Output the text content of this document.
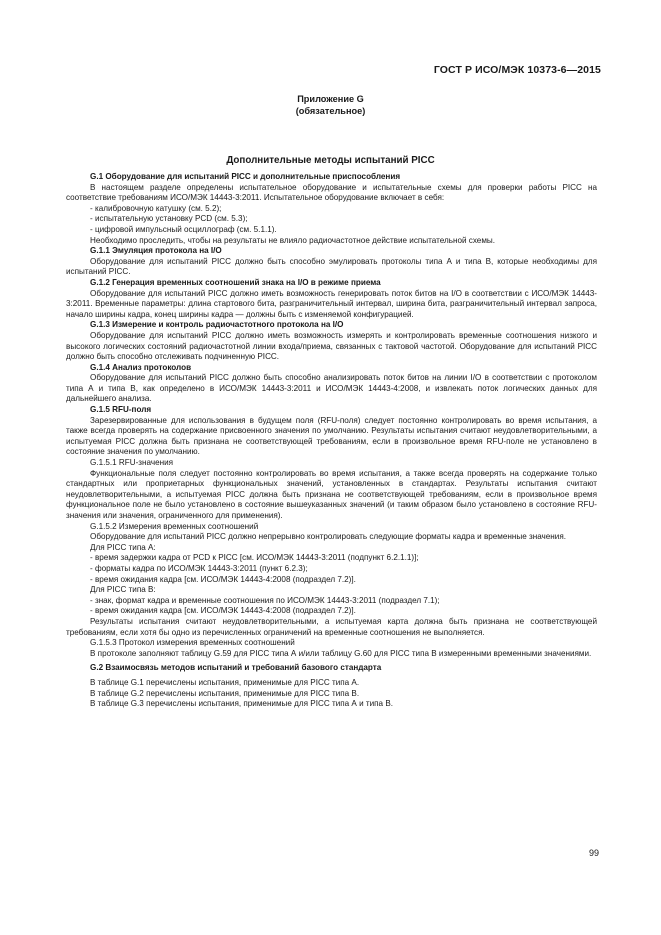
ГОСТ Р ИСО/МЭК 10373-6—2015
Приложение G
(обязательное)
Дополнительные методы испытаний PICC
G.1 Оборудование для испытаний PICC и дополнительные приспособления
В настоящем разделе определены испытательное оборудование и испытательные схемы для проверки работы PICC на соответствие требованиям ИСО/МЭК 14443-3:2011. Испытательное оборудование включает в себя:
- калибровочную катушку (см. 5.2);
- испытательную установку PCD (см. 5.3);
- цифровой импульсный осциллограф (см. 5.1.1).
Необходимо проследить, чтобы на результаты не влияло радиочастотное действие испытательной схемы.
G.1.1 Эмуляция протокола на I/O
Оборудование для испытаний PICC должно быть способно эмулировать протоколы типа А и типа В, которые необходимы для испытаний PICC.
G.1.2 Генерация временных соотношений знака на I/O в режиме приема
Оборудование для испытаний PICC должно иметь возможность генерировать поток битов на I/O в соответствии с ИСО/МЭК 14443-3:2011. Временные параметры: длина стартового бита, разграничительный интервал, ширина бита, разграничительный интервал запроса, начало ширины кадра, конец ширины кадра — должны быть с изменяемой конфигурацией.
G.1.3 Измерение и контроль радиочастотного протокола на I/O
Оборудование для испытаний PICC должно иметь возможность измерять и контролировать временные соотношения низкого и высокого логических состояний радиочастотной линии входа/приема, связанных с тактовой частотой. Оборудование для испытаний PICC должно быть способно отслеживать подчиненную PICC.
G.1.4 Анализ протоколов
Оборудование для испытаний PICC должно быть способно анализировать поток битов на линии I/O в соответствии с протоколом типа А и типа В, как определено в ИСО/МЭК 14443-3:2011 и ИСО/МЭК 14443-4:2008, и извлекать поток логических данных для дальнейшего анализа.
G.1.5 RFU-поля
Зарезервированные для использования в будущем поля (RFU-поля) следует постоянно контролировать во время испытания, а также всегда проверять на содержание присвоенного значения по умолчанию. Результаты испытания считают неудовлетворительными, а испытуемая PICC должна быть признана не соответствующей требованиям, если в произвольное время RFU-поле не установлено в состояние значения по умолчанию.
G.1.5.1 RFU-значения
Функциональные поля следует постоянно контролировать во время испытания, а также всегда проверять на содержание только стандартных или проприетарных функциональных значений, установленных в стандартах. Результаты испытания считают неудовлетворительными, а испытуемая PICC должна быть признана не соответствующей требованиям, если в произвольное время функциональное поле не было установлено в состояние вышеуказанных значений (и таким образом было установлено в состояние RFU-значения или значения, ограниченного для применения).
G.1.5.2 Измерения временных соотношений
Оборудование для испытаний PICC должно непрерывно контролировать следующие форматы кадра и временные значения.
Для PICC типа А:
- время задержки кадра от PCD к PICC [см. ИСО/МЭК 14443-3:2011 (подпункт 6.2.1.1)];
- форматы кадра по ИСО/МЭК 14443-3:2011 (пункт 6.2.3);
- время ожидания кадра [см. ИСО/МЭК 14443-4:2008 (подраздел 7.2)].
Для PICC типа В:
- знак, формат кадра и временные соотношения по ИСО/МЭК 14443-3:2011 (подраздел 7.1);
- время ожидания кадра [см. ИСО/МЭК 14443-4:2008 (подраздел 7.2)].
Результаты испытания считают неудовлетворительными, а испытуемая карта должна быть признана не соответствующей требованиям, если хотя бы одно из перечисленных ограничений на временные соотношения не выполняется.
G.1.5.3 Протокол измерения временных соотношений
В протоколе заполняют таблицу G.59 для PICC типа А и/или таблицу G.60 для PICC типа В измеренными временными значениями.
G.2 Взаимосвязь методов испытаний и требований базового стандарта
В таблице G.1 перечислены испытания, применимые для PICC типа А.
В таблице G.2 перечислены испытания, применимые для PICC типа В.
В таблице G.3 перечислены испытания, применимые для PICC типа А и типа В.
99
